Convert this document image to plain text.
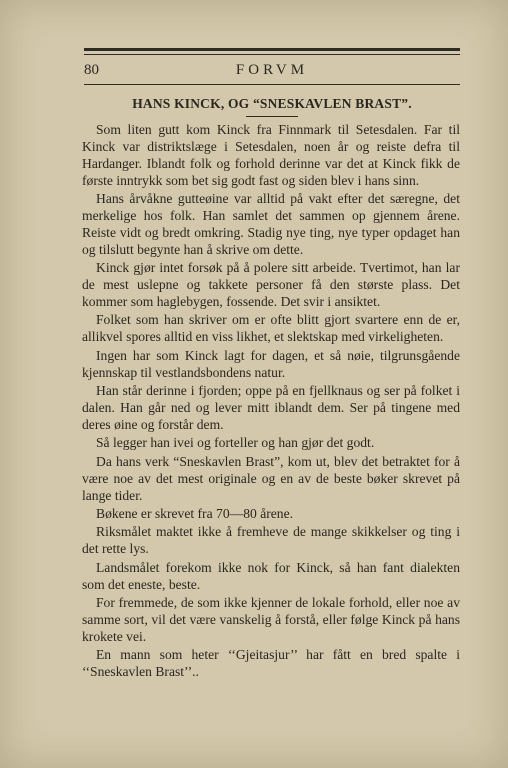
80	FORVM
HANS KINCK, OG “SNESKAVLEN BRAST”.

Som liten gutt kom Kinck fra Finnmark til Setesdalen. Far til Kinck var distriktslæge i Setesdalen, noen år og reiste defra til Hardanger. Iblandt folk og forhold derinne var det at Kinck fikk de første inntrykk som bet sig godt fast og siden blev i hans sinn.

Hans årvåkne gutteøine var alltid på vakt efter det særegne, det merkelige hos folk. Han samlet det sammen op gjennem årene. Reiste vidt og bredt omkring. Stadig nye ting, nye typer opdaget han og tilslutt begynte han å skrive om dette.

Kinck gjør intet forsøk på å polere sitt arbeide. Tvertimot, han lar de mest uslepne og takkete personer få den største plass. Det kommer som haglebygen, fossende. Det svir i ansiktet.

Folket som han skriver om er ofte blitt gjort svartere enn de er, allikvel spores alltid en viss likhet, et slektskap med virkeligheten.

Ingen har som Kinck lagt for dagen, et så nøie, tilgrunsgående kjennskap til vestlandsbondens natur.

Han står derinne i fjorden; oppe på en fjellknaus og ser på folket i dalen. Han går ned og lever mitt iblandt dem. Ser på tingene med deres øine og forstår dem.

Så legger han ivei og forteller og han gjør det godt.

Da hans verk “Sneskavlen Brast”, kom ut, blev det betraktet for å være noe av det mest originale og en av de beste bøker skrevet på lange tider.

Bøkene er skrevet fra 70—80 årene.

Riksmålet maktet ikke å fremheve de mange skikkelser og ting i det rette lys.

Landsmålet forekom ikke nok for Kinck, så han fant dialekten som det eneste, beste.

For fremmede, de som ikke kjenner de lokale forhold, eller noe av samme sort, vil det være vanskelig å forstå, eller følge Kinck på hans krokete vei.

En mann som heter ‘‘Gjeitasjur’’ har fått en bred spalte i ‘‘Sneskavlen Brast’’..
